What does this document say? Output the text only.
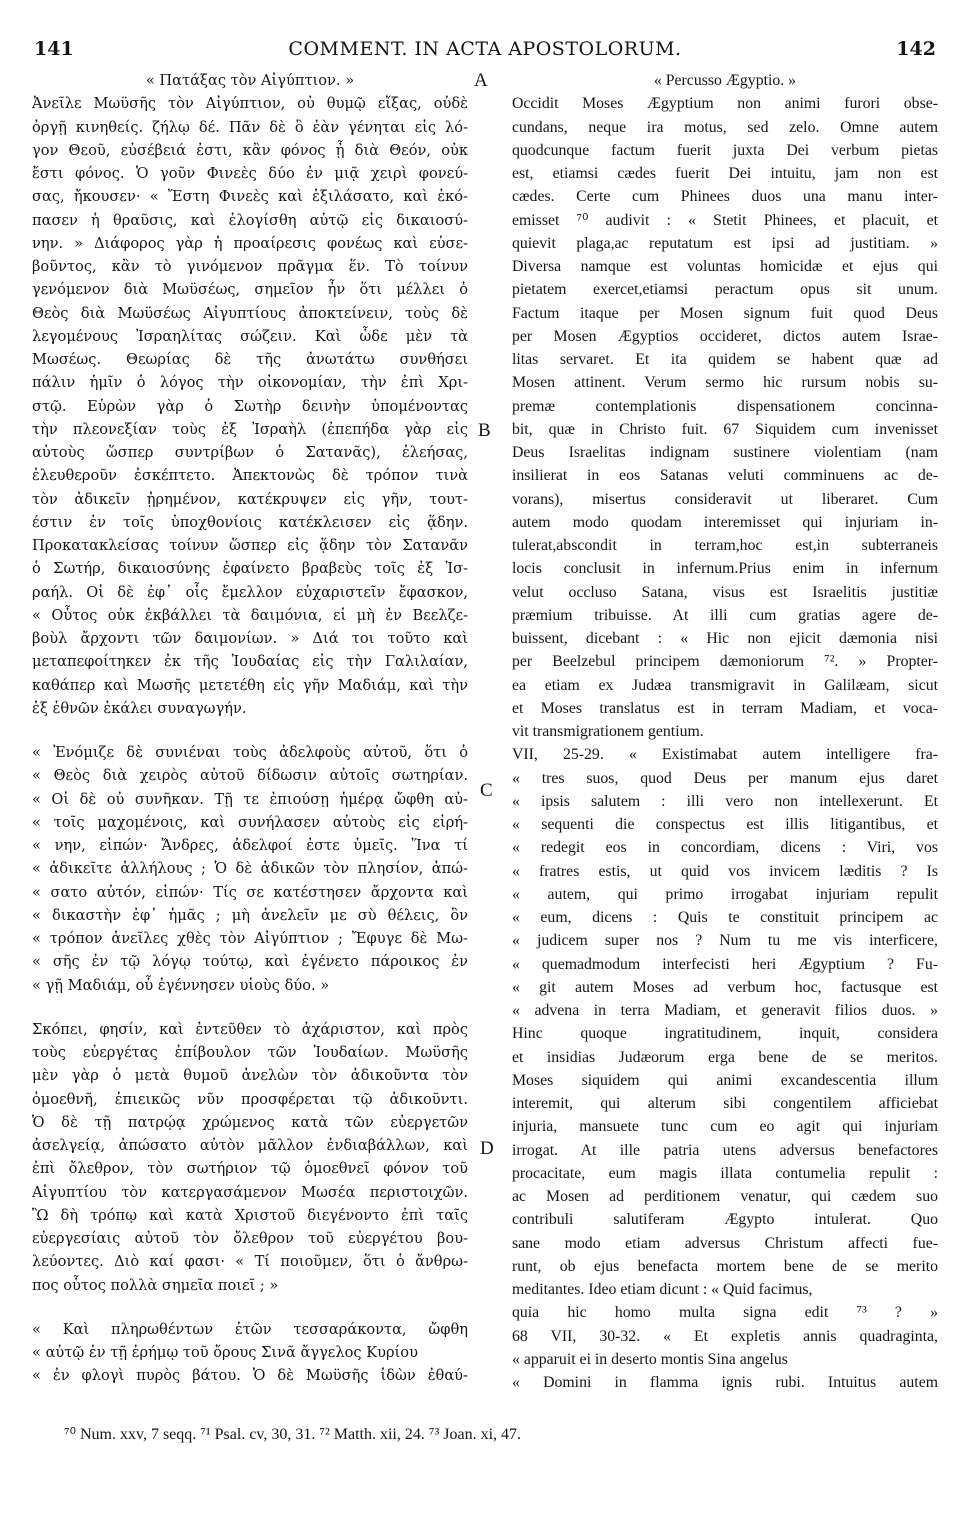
141	COMMENT. IN ACTA APOSTOLORUM.	142
« Πατάξας τὸν Αἰγύπτιον. »
Ἀνεῖλε Μωϋσῆς τὸν Αἰγύπτιον, οὐ θυμῷ εἴξας, οὐδὲ
ὀργῇ κινηθείς. ζήλῳ δέ. Πᾶν δὲ ὃ ἐὰν γένηται εἰς λό-
γον Θεοῦ, εὐσέβειά ἐστι, κἂν φόνος ᾖ διὰ Θεόν, οὐκ
ἔστι φόνος. Ὁ γοῦν Φινεὲς δύο ἐν μιᾷ χειρὶ φονεύ-
σας, ἤκουσεν· « Ἔστη Φινεὲς καὶ ἐξιλάσατο, καὶ ἐκό-
πασεν ἡ θραῦσις, καὶ ἐλογίσθη αὐτῷ εἰς δικαιοσύ-
νην. » Διάφορος γὰρ ἡ προαίρεσις φονέως καὶ εὐσε-
βοῦντος, κἂν τὸ γινόμενον πρᾶγμα ἕν. Τὸ τοίνυν
γενόμενον διὰ Μωϋσέως, σημεῖον ἦν ὅτι μέλλει ὁ
Θεὸς διὰ Μωϋσέως Αἰγυπτίους ἀποκτείνειν, τοὺς δὲ
λεγομένους Ἰσραηλίτας σώζειν. Καὶ ὧδε μὲν τὰ
Μωσέως. Θεωρίας δὲ τῆς ἀνωτάτω συνθήσει
πάλιν ἡμῖν ὁ λόγος τὴν οἰκονομίαν, τὴν ἐπὶ Χρι-
στῷ. Εὑρὼν γὰρ ὁ Σωτὴρ δεινὴν ὑπομένοντας
τὴν πλεονεξίαν τοὺς ἐξ Ἰσραὴλ (ἐπεπήδα γὰρ εἰς
αὐτοὺς ὥσπερ συντρίβων ὁ Σατανᾶς), ἐλεήσας,
ἐλευθεροῦν ἐσκέπτετο. Ἀπεκτονὼς δὲ τρόπον τινὰ
τὸν ἀδικεῖν ᾑρημένον, κατέκρυψεν εἰς γῆν, τουτ-
έστιν ἐν τοῖς ὑποχθονίοις κατέκλεισεν εἰς ᾅδην.
Προκατακλείσας τοίνυν ὥσπερ εἰς ᾅδην τὸν Σατανᾶν
ὁ Σωτήρ, δικαιοσύνης ἐφαίνετο βραβεὺς τοῖς ἐξ Ἰσ-
ραήλ. Οἱ δὲ ἐφ᾽ οἷς ἔμελλον εὐχαριστεῖν ἔφασκον,
« Οὗτος οὐκ ἐκβάλλει τὰ δαιμόνια, εἰ μὴ ἐν Βεελζε-
βοὺλ ἄρχοντι τῶν δαιμονίων. » Διά τοι τοῦτο καὶ
μεταπεφοίτηκεν ἐκ τῆς Ἰουδαίας εἰς τὴν Γαλιλαίαν,
καθάπερ καὶ Μωσῆς μετετέθη εἰς γῆν Μαδιάμ, καὶ τὴν
ἐξ ἐθνῶν ἐκάλει συναγωγήν.
« Ἐνόμιζε δὲ συνιέναι τοὺς ἀδελφοὺς αὐτοῦ, ὅτι ὁ
« Θεὸς διὰ χειρὸς αὐτοῦ δίδωσιν αὐτοῖς σωτηρίαν.
« Οἱ δὲ οὐ συνῆκαν. Τῇ τε ἐπιούσῃ ἡμέρᾳ ὤφθη αὐ-
« τοῖς μαχομένοις, καὶ συνήλασεν αὐτοὺς εἰς εἰρή-
« νην, εἰπών· Ἄνδρες, ἀδελφοί ἐστε ὑμεῖς. Ἵνα τί
« ἀδικεῖτε ἀλλήλους ; Ὁ δὲ ἀδικῶν τὸν πλησίον, ἀπώ-
« σατο αὐτόν, εἰπών· Τίς σε κατέστησεν ἄρχοντα καὶ
« δικαστὴν ἐφ᾽ ἡμᾶς ; μὴ ἀνελεῖν με σὺ θέλεις, ὃν
« τρόπον ἀνεῖλες χθὲς τὸν Αἰγύπτιον ; Ἔφυγε δὲ Μω-
« σῆς ἐν τῷ λόγῳ τούτῳ, καὶ ἐγένετο πάροικος ἐν
« γῇ Μαδιάμ, οὗ ἐγέννησεν υἱοὺς δύο. »
Σκόπει, φησίν, καὶ ἐντεῦθεν τὸ ἀχάριστον, καὶ πρὸς
τοὺς εὐεργέτας ἐπίβουλον τῶν Ἰουδαίων. Μωϋσῆς
μὲν γὰρ ὁ μετὰ θυμοῦ ἀνελὼν τὸν ἀδικοῦντα τὸν
ὁμοεθνῆ, ἐπιεικῶς νῦν προσφέρεται τῷ ἀδικοῦντι.
Ὁ δὲ τῇ πατρῴᾳ χρώμενος κατὰ τῶν εὐεργετῶν
ἀσελγείᾳ, ἀπώσατο αὐτὸν μᾶλλον ἐνδιαβάλλων, καὶ
ἐπὶ ὄλεθρον, τὸν σωτήριον τῷ ὁμοεθνεῖ φόνον τοῦ
Αἰγυπτίου τὸν κατεργασάμενον Μωσέα περιστοιχῶν.
Ὢ δὴ τρόπῳ καὶ κατὰ Χριστοῦ διεγένοντο ἐπὶ ταῖς
εὐεργεσίαις αὐτοῦ τὸν ὄλεθρον τοῦ εὐεργέτου βου-
λεύοντες. Διὸ καί φασι· « Τί ποιοῦμεν, ὅτι ὁ ἄνθρω-
πος οὗτος πολλὰ σημεῖα ποιεῖ ; »
« Καὶ πληρωθέντων ἐτῶν τεσσαράκοντα, ὤφθη
« αὐτῷ ἐν τῇ ἐρήμῳ τοῦ ὄρους Σινᾶ ἄγγελος Κυρίου
« ἐν φλογὶ πυρὸς βάτου. Ὁ δὲ Μωϋσῆς ἰδὼν ἐθαύ-
« Percusso Ægyptio. »
Occidit Moses Ægyptium non animi furori obse-
cundans, neque ira motus, sed zelo. Omne autem
quodcunque factum fuerit juxta Dei verbum pietas
est, etiamsi cædes fuerit Dei intuitu, jam non est
cædes. Certe cum Phinees duos una manu inter-
emisset ⁷⁰ audivit : « Stetit Phinees, et placuit, et
quievit plaga,ac reputatum est ipsi ad justitiam. »
Diversa namque est voluntas homicidæ et ejus qui
pietatem exercet,etiamsi peractum opus sit unum.
Factum itaque per Mosen signum fuit quod Deus
per Mosen Ægyptios occideret, dictos autem Israe-
litas servaret. Et ita quidem se habent quæ ad
Mosen attinent. Verum sermo hic rursum nobis su-
premæ contemplationis dispensationem concinna-
bit, quæ in Christo fuit. 67 Siquidem cum invenisset
Deus Israelitas indignam sustinere violentiam (nam
insilierat in eos Satanas veluti comminuens ac de-
vorans), misertus consideravit ut liberaret. Cum
autem modo quodam interemisset qui injuriam in-
tulerat,abscondit in terram,hoc est,in subterraneis
locis conclusit in infernum.Prius enim in infernum
velut occluso Satana, visus est Israelitis justitiæ
præmium tribuisse. At illi cum gratias agere de-
buissent, dicebant : « Hic non ejicit dæmonia nisi
per Beelzebul principem dæmoniorum ⁷². » Propter-
ea etiam ex Judæa transmigravit in Galilæam, sicut
et Moses translatus est in terram Madiam, et voca-
vit transmigrationem gentium.
VII, 25-29. « Existimabat autem intelligere fra-
« tres suos, quod Deus per manum ejus daret
« ipsis salutem : illi vero non intellexerunt. Et
« sequenti die conspectus est illis litigantibus, et
« redegit eos in concordiam, dicens : Viri, vos
« fratres estis, ut quid vos invicem læditis ? Is
« autem, qui primo irrogabat injuriam repulit
« eum, dicens : Quis te constituit principem ac
« judicem super nos ? Num tu me vis interficere,
« quemadmodum interfecisti heri Ægyptium ? Fu-
« git autem Moses ad verbum hoc, factusque est
« advena in terra Madiam, et generavit filios duos. »
Hinc quoque ingratitudinem, inquit, considera
et insidias Judæorum erga bene de se meritos.
Moses siquidem qui animi excandescentia illum
interemit, qui alterum sibi congentilem afficiebat
injuria, mansuete tunc cum eo agit qui injuriam
irrogat. At ille patria utens adversus benefactores
procacitate, eum magis illata contumelia repulit :
ac Mosen ad perditionem venatur, qui cædem suo
contribuli salutiferam Ægypto intulerat. Quo
sane modo etiam adversus Christum affecti fue-
runt, ob ejus benefacta mortem bene de se merito
meditantes. Ideo etiam dicunt : « Quid facimus,
quia hic homo multa signa edit ⁷³ ? »
68 VII, 30-32. « Et expletis annis quadraginta,
« apparuit ei in deserto montis Sina angelus
« Domini in flamma ignis rubi. Intuitus autem
A
B
C
D
⁷⁰ Num. xxv, 7 seqq. ⁷¹ Psal. cv, 30, 31. ⁷² Matth. xii, 24. ⁷³ Joan. xi, 47.
